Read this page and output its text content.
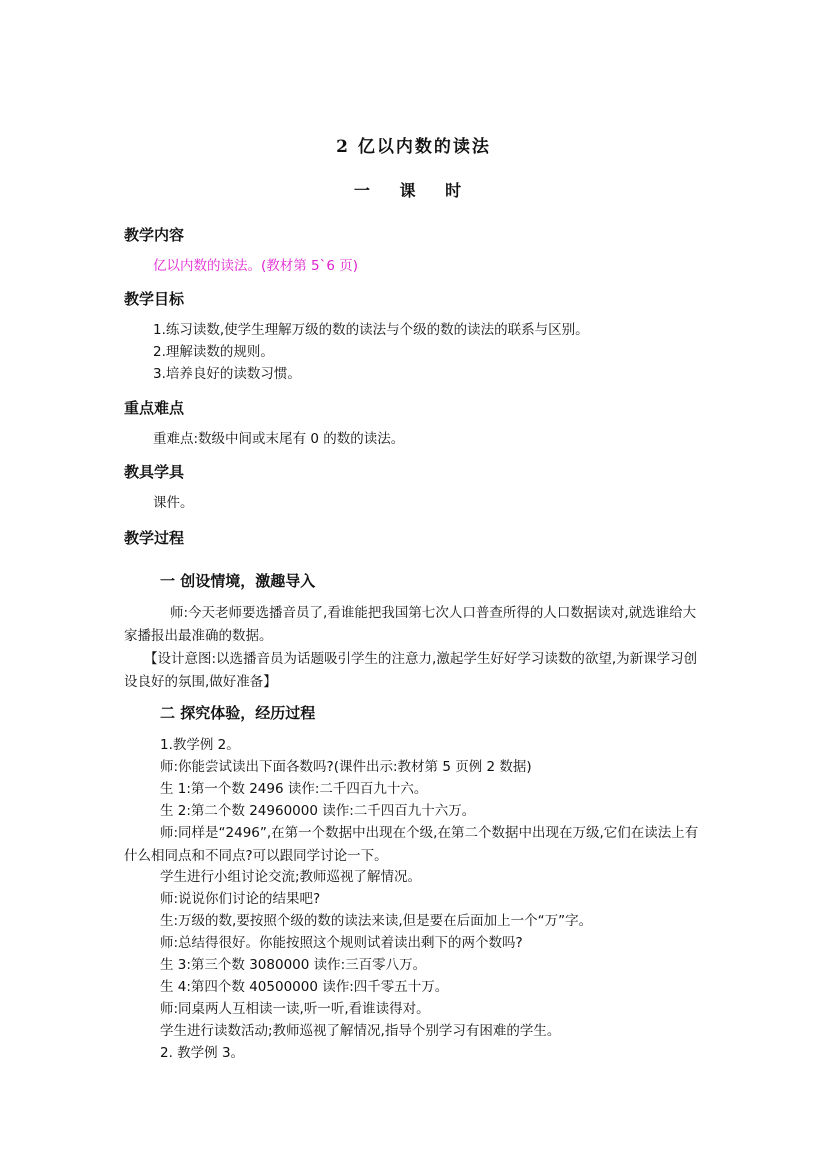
2 亿以内数的读法
一 课 时
教学内容
亿以内数的读法。(教材第 5`6 页)
教学目标
1.练习读数,使学生理解万级的数的读法与个级的数的读法的联系与区别。
2.理解读数的规则。
3.培养良好的读数习惯。
重点难点
重难点:数级中间或末尾有 0 的数的读法。
教具学具
课件。
教学过程
一 创设情境，激趣导入
师:今天老师要选播音员了,看谁能把我国第七次人口普查所得的人口数据读对,就选谁给大家播报出最准确的数据。
【设计意图:以选播音员为话题吸引学生的注意力,激起学生好好学习读数的欲望,为新课学习创设良好的氛围,做好准备】
二 探究体验，经历过程
1.教学例 2。
师:你能尝试读出下面各数吗?(课件出示:教材第 5 页例 2 数据)
生 1:第一个数 2496 读作:二千四百九十六。
生 2:第二个数 24960000 读作:二千四百九十六万。
师:同样是“2496”,在第一个数据中出现在个级,在第二个数据中出现在万级,它们在读法上有什么相同点和不同点?可以跟同学讨论一下。
学生进行小组讨论交流;教师巡视了解情况。
师:说说你们讨论的结果吧?
生:万级的数,要按照个级的数的读法来读,但是要在后面加上一个“万”字。
师:总结得很好。你能按照这个规则试着读出剩下的两个数吗?
生 3:第三个数 3080000 读作:三百零八万。
生 4:第四个数 40500000 读作:四千零五十万。
师:同桌两人互相读一读,听一听,看谁读得对。
学生进行读数活动;教师巡视了解情况,指导个别学习有困难的学生。
2. 教学例 3。
